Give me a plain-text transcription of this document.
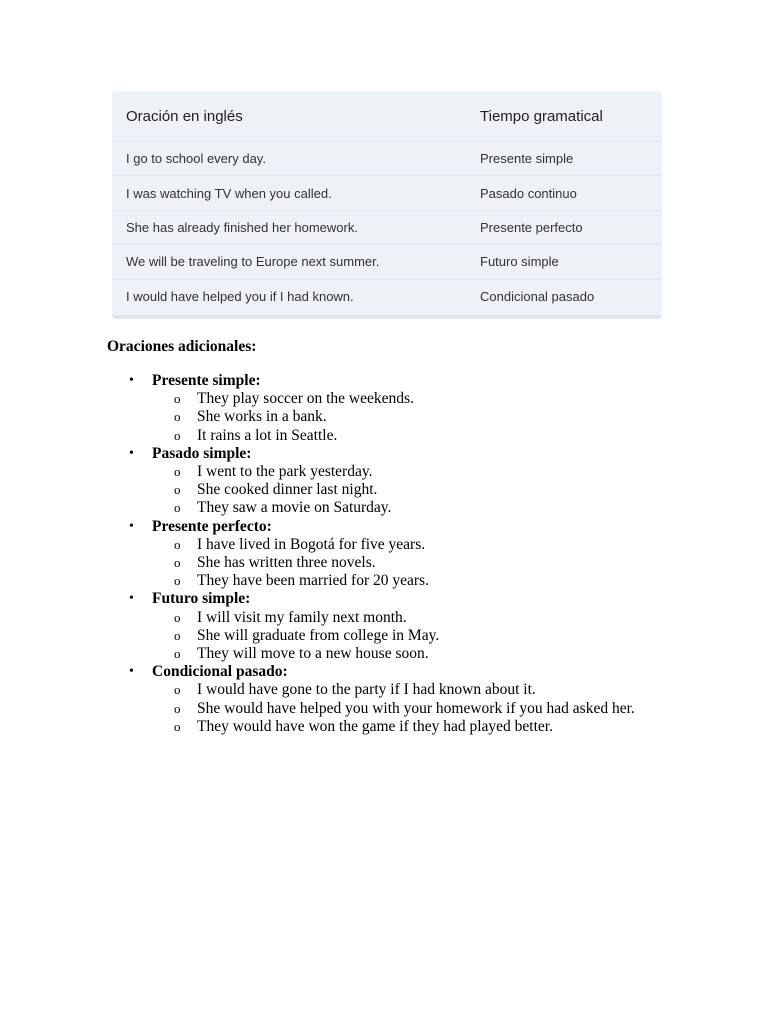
Oración en inglés	Tiempo gramatical
I go to school every day.	Presente simple
I was watching TV when you called.	Pasado continuo
She has already finished her homework.	Presente perfecto
We will be traveling to Europe next summer.	Futuro simple
I would have helped you if I had known.	Condicional pasado
Oraciones adicionales:
• Presente simple:
o They play soccer on the weekends.
o She works in a bank.
o It rains a lot in Seattle.
• Pasado simple:
o I went to the park yesterday.
o She cooked dinner last night.
o They saw a movie on Saturday.
• Presente perfecto:
o I have lived in Bogotá for five years.
o She has written three novels.
o They have been married for 20 years.
• Futuro simple:
o I will visit my family next month.
o She will graduate from college in May.
o They will move to a new house soon.
• Condicional pasado:
o I would have gone to the party if I had known about it.
o She would have helped you with your homework if you had asked her.
o They would have won the game if they had played better.
